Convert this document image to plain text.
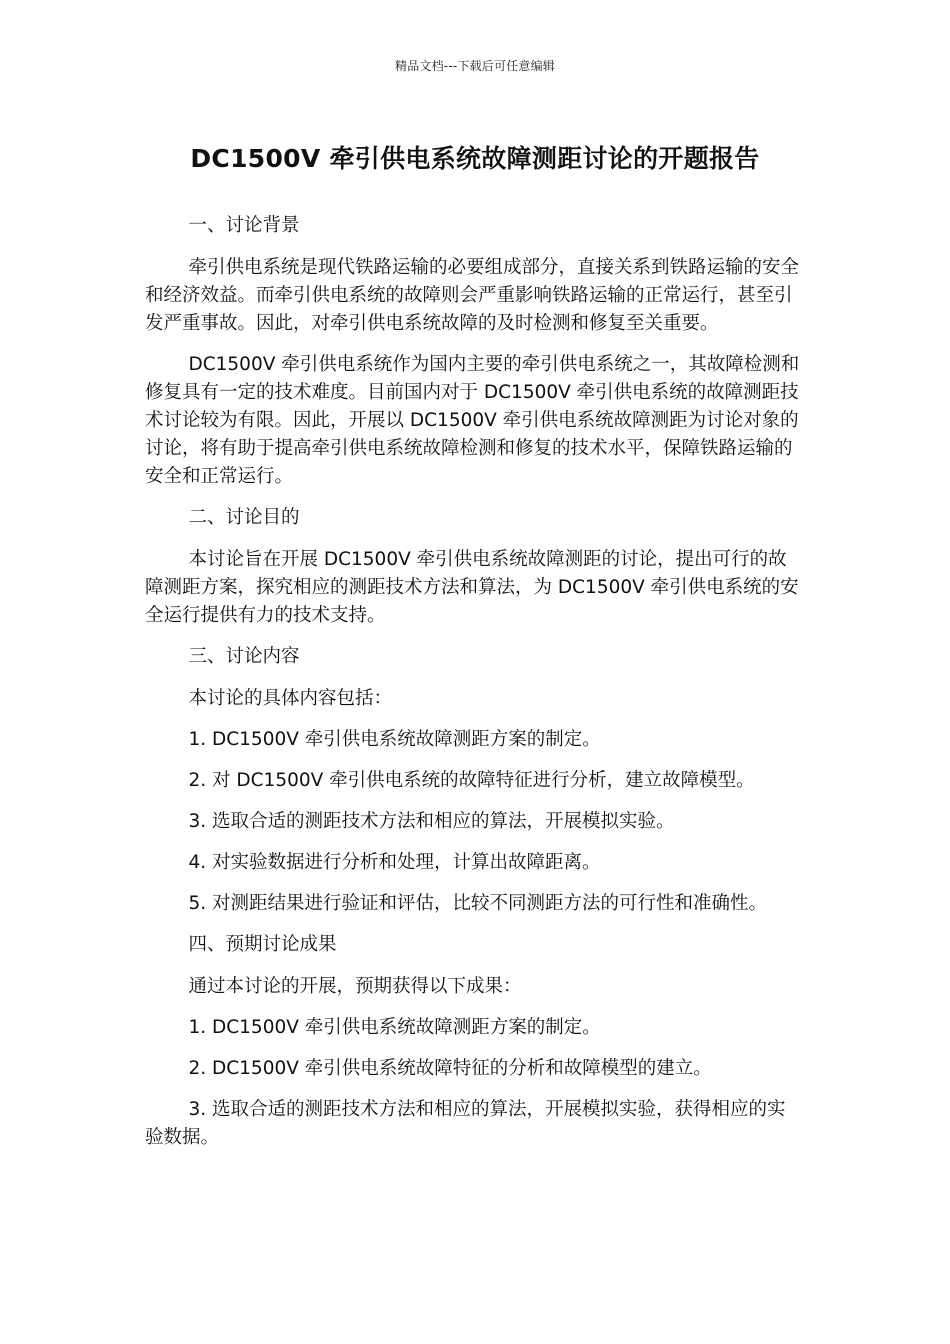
精品文档---下载后可任意编辑
DC1500V 牵引供电系统故障测距讨论的开题报告
一、讨论背景

牵引供电系统是现代铁路运输的必要组成部分，直接关系到铁路运输的安全和经济效益。而牵引供电系统的故障则会严重影响铁路运输的正常运行，甚至引发严重事故。因此，对牵引供电系统故障的及时检测和修复至关重要。

DC1500V 牵引供电系统作为国内主要的牵引供电系统之一，其故障检测和修复具有一定的技术难度。目前国内对于 DC1500V 牵引供电系统的故障测距技术讨论较为有限。因此，开展以 DC1500V 牵引供电系统故障测距为讨论对象的讨论，将有助于提高牵引供电系统故障检测和修复的技术水平，保障铁路运输的安全和正常运行。

二、讨论目的

本讨论旨在开展 DC1500V 牵引供电系统故障测距的讨论，提出可行的故障测距方案，探究相应的测距技术方法和算法，为 DC1500V 牵引供电系统的安全运行提供有力的技术支持。

三、讨论内容

本讨论的具体内容包括：

1. DC1500V 牵引供电系统故障测距方案的制定。

2. 对 DC1500V 牵引供电系统的故障特征进行分析，建立故障模型。

3. 选取合适的测距技术方法和相应的算法，开展模拟实验。

4. 对实验数据进行分析和处理，计算出故障距离。

5. 对测距结果进行验证和评估，比较不同测距方法的可行性和准确性。

四、预期讨论成果

通过本讨论的开展，预期获得以下成果：

1. DC1500V 牵引供电系统故障测距方案的制定。

2. DC1500V 牵引供电系统故障特征的分析和故障模型的建立。

3. 选取合适的测距技术方法和相应的算法，开展模拟实验，获得相应的实验数据。
